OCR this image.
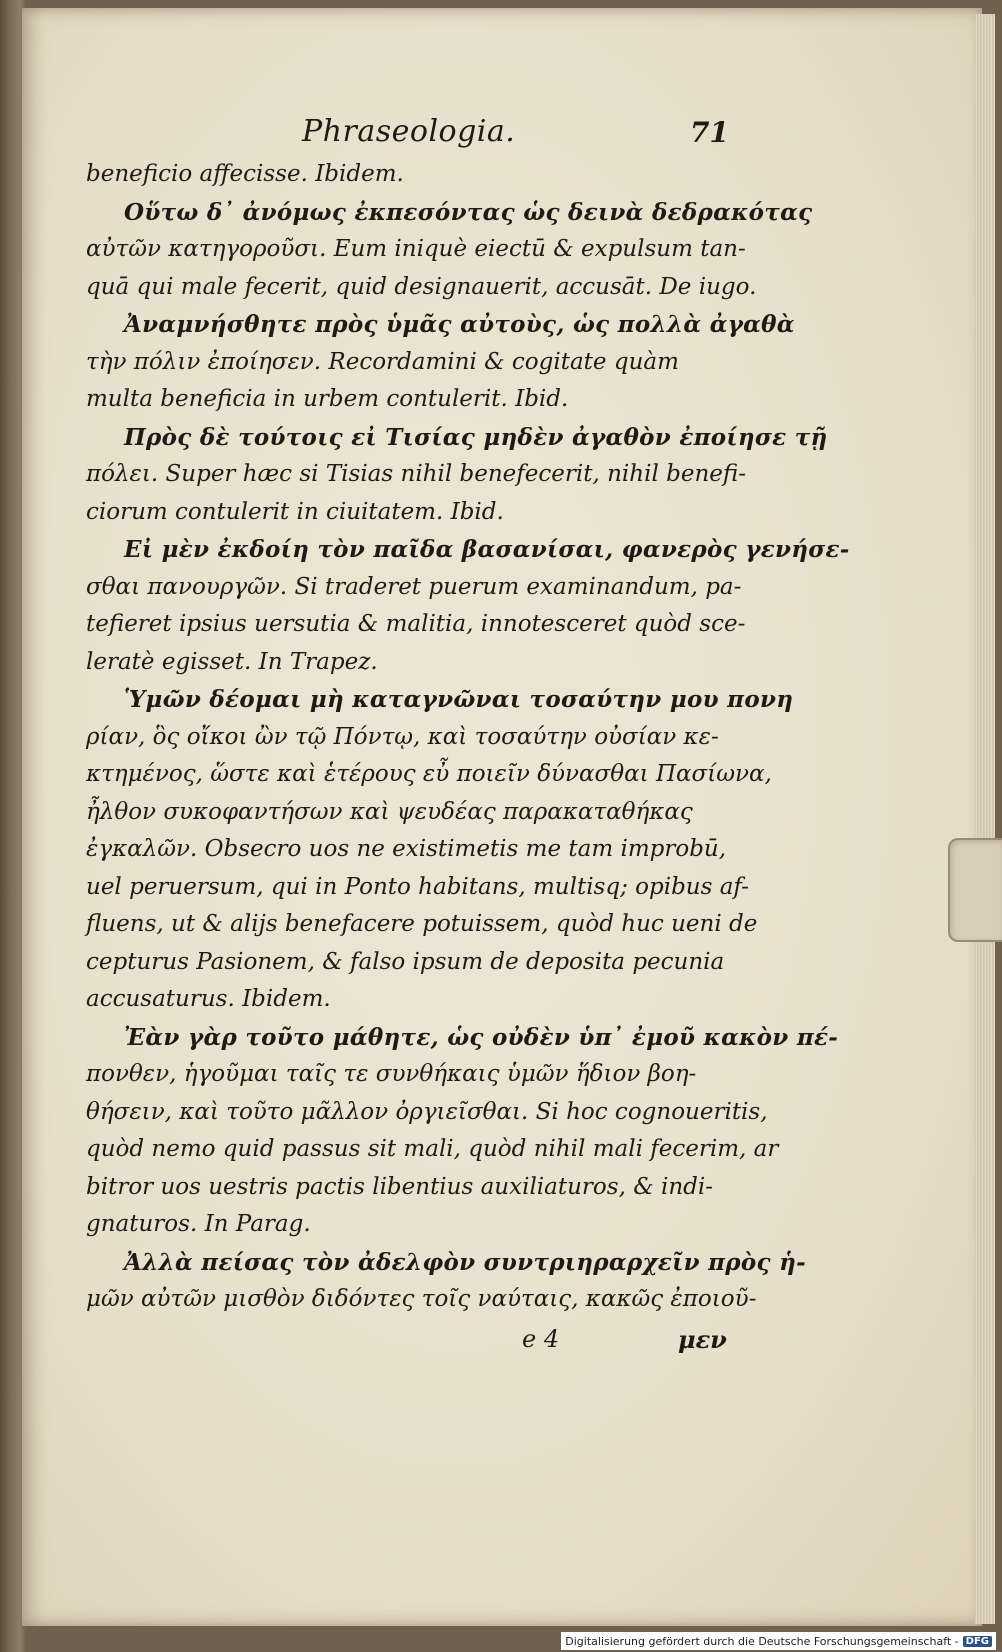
Phraseologia.	71
beneficio affecisse. Ibidem.
Οὕτω δ᾽ ἀνόμως ἐκπεσόντας ὡς δεινὰ δεδρακότας
αὐτῶν κατηγοροῦσι. Eum iniquè eiectū & expulsum tan-
quā qui male fecerit, quid designauerit, accusāt. De iugo.
Ἀναμνήσθητε πρὸς ὑμᾶς αὐτοὺς, ὡς πολλὰ ἀγαθὰ
τὴν πόλιν ἐποίησεν. Recordamini & cogitate quàm
multa beneficia in urbem contulerit. Ibid.
Πρὸς δὲ τούτοις εἰ Τισίας μηδὲν ἀγαθὸν ἐποίησε τῇ
πόλει. Super hæc si Tisias nihil benefecerit, nihil benefi-
ciorum contulerit in ciuitatem. Ibid.
Εἰ μὲν ἐκδοίη τὸν παῖδα βασανίσαι, φανερὸς γενήσε-
σθαι πανουργῶν. Si traderet puerum examinandum, pa-
tefieret ipsius uersutia & malitia, innotesceret quòd sce-
leratè egisset. In Trapez.
Ὑμῶν δέομαι μὴ καταγνῶναι τοσαύτην μου πονη
ρίαν, ὃς οἴκοι ὢν τῷ Πόντῳ, καὶ τοσαύτην οὐσίαν κε-
κτημένος, ὥστε καὶ ἑτέρους εὖ ποιεῖν δύνασθαι Πασίωνα,
ἦλθον συκοφαντήσων καὶ ψευδέας παρακαταθήκας
ἐγκαλῶν. Obsecro uos ne existimetis me tam improbū,
uel peruersum, qui in Ponto habitans, multisq; opibus af-
fluens, ut & alijs benefacere potuissem, quòd huc ueni de
cepturus Pasionem, & falso ipsum de deposita pecunia
accusaturus. Ibidem.
Ἐὰν γὰρ τοῦτο μάθητε, ὡς οὐδὲν ὑπ᾽ ἐμοῦ κακὸν πέ-
πονθεν, ἡγοῦμαι ταῖς τε συνθήκαις ὑμῶν ἥδιον βοη-
θήσειν, καὶ τοῦτο μᾶλλον ὀργιεῖσθαι. Si hoc cognoueritis,
quòd nemo quid passus sit mali, quòd nihil mali fecerim, ar
bitror uos uestris pactis libentius auxiliaturos, & indi-
gnaturos. In Parag.
Ἀλλὰ πείσας τὸν ἀδελφὸν συντριηραρχεῖν πρὸς ἡ-
μῶν αὐτῶν μισθὸν διδόντες τοῖς ναύταις, κακῶς ἐποιοῦ-
e 4	μεν
Digitalisierung gefördert durch die Deutsche Forschungsgemeinschaft - DFG
